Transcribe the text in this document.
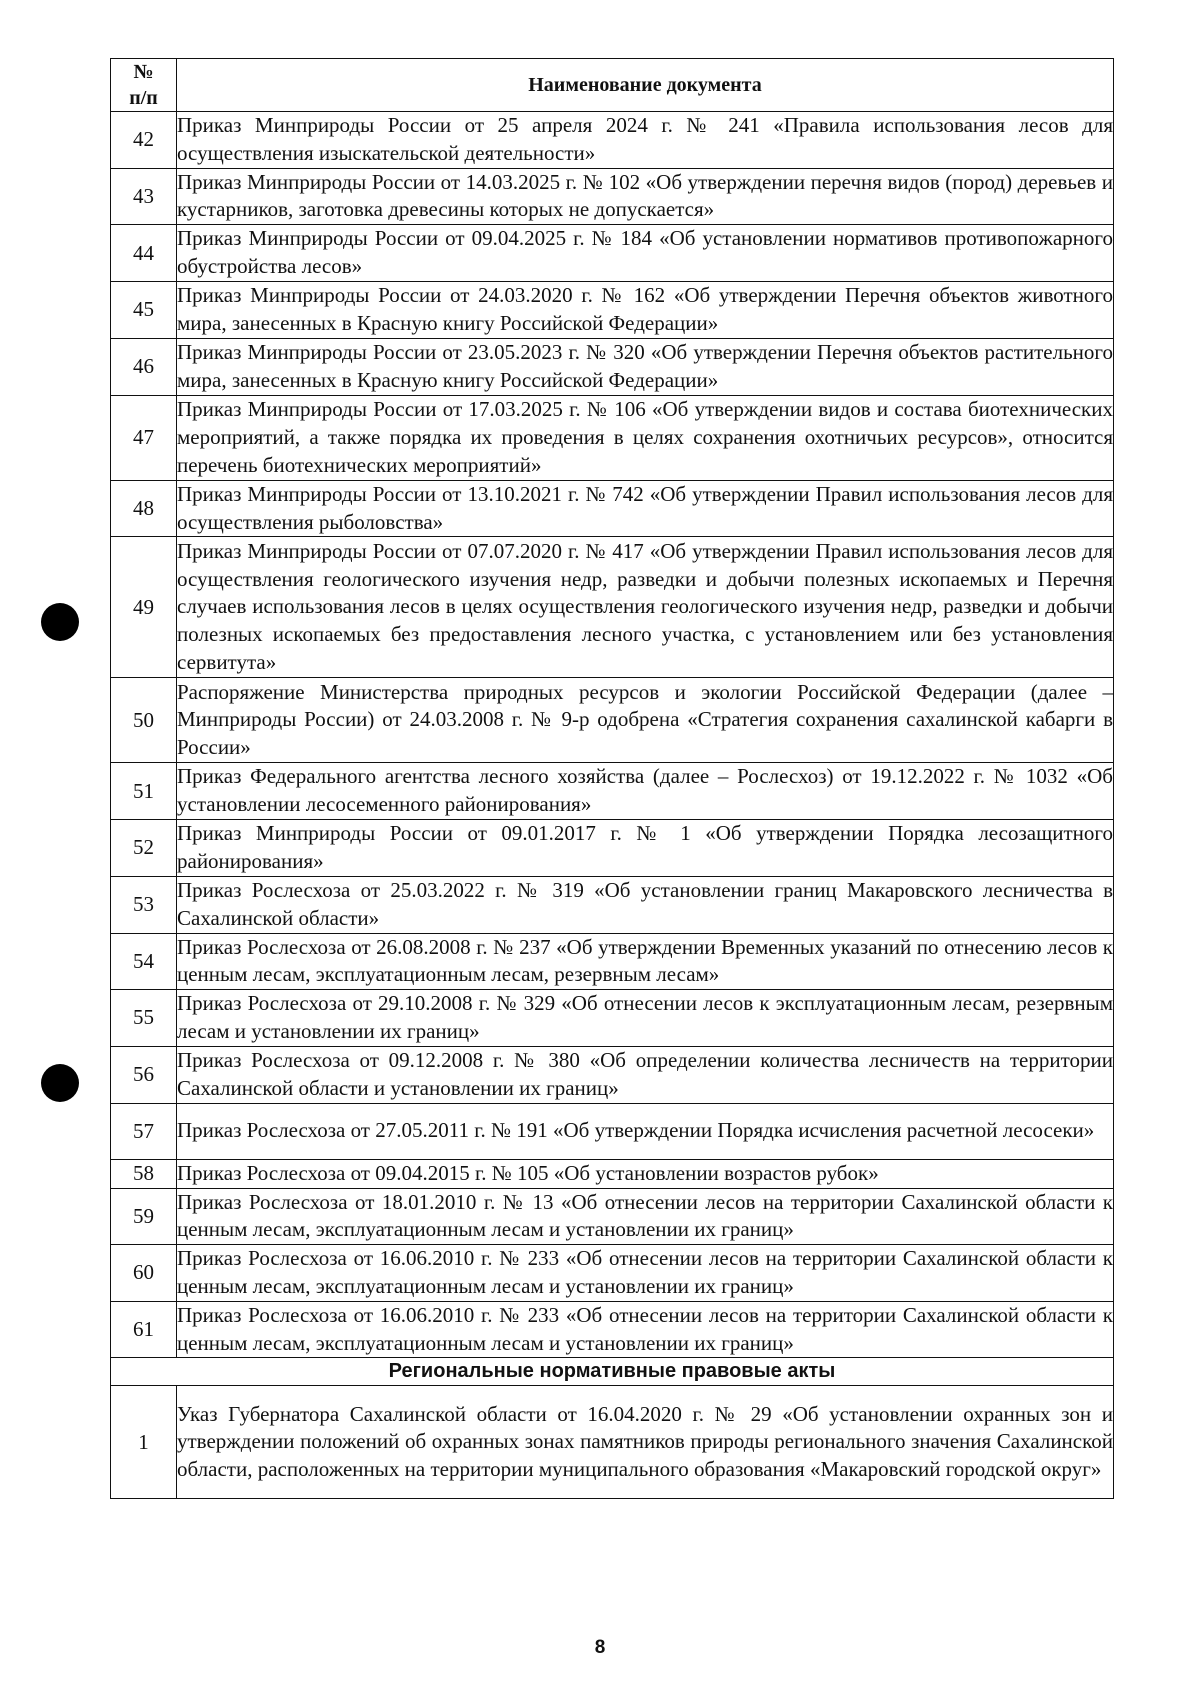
№
п/п	Наименование документа
42	Приказ Минприроды России от 25 апреля 2024 г. № 241 «Правила использования лесов для осуществления изыскательской деятельности»
43	Приказ Минприроды России от 14.03.2025 г. № 102 «Об утверждении перечня видов (пород) деревьев и кустарников, заготовка древесины которых не допускается»
44	Приказ Минприроды России от 09.04.2025 г. № 184 «Об установлении нормативов противопожарного обустройства лесов»
45	Приказ Минприроды России от 24.03.2020 г. № 162 «Об утверждении Перечня объектов животного мира, занесенных в Красную книгу Российской Федерации»
46	Приказ Минприроды России от 23.05.2023 г. № 320 «Об утверждении Перечня объектов растительного мира, занесенных в Красную книгу Российской Федерации»
47	Приказ Минприроды России от 17.03.2025 г. № 106 «Об утверждении видов и состава биотехнических мероприятий, а также порядка их проведения в целях сохранения охотничьих ресурсов», относится перечень биотехнических мероприятий»
48	Приказ Минприроды России от 13.10.2021 г. № 742 «Об утверждении Правил использования лесов для осуществления рыболовства»
49	Приказ Минприроды России от 07.07.2020 г. № 417 «Об утверждении Правил использования лесов для осуществления геологического изучения недр, разведки и добычи полезных ископаемых и Перечня случаев использования лесов в целях осуществления геологического изучения недр, разведки и добычи полезных ископаемых без предоставления лесного участка, с установлением или без установления сервитута»
50	Распоряжение Министерства природных ресурсов и экологии Российской Федерации (далее – Минприроды России) от 24.03.2008 г. № 9-р одобрена «Стратегия сохранения сахалинской кабарги в России»
51	Приказ Федерального агентства лесного хозяйства (далее – Рослесхоз) от 19.12.2022 г. № 1032 «Об установлении лесосеменного районирования»
52	Приказ Минприроды России от 09.01.2017 г. № 1 «Об утверждении Порядка лесозащитного районирования»
53	Приказ Рослесхоза от 25.03.2022 г. № 319 «Об установлении границ Макаровского лесничества в Сахалинской области»
54	Приказ Рослесхоза от 26.08.2008 г. № 237 «Об утверждении Временных указаний по отнесению лесов к ценным лесам, эксплуатационным лесам, резервным лесам»
55	Приказ Рослесхоза от 29.10.2008 г. № 329 «Об отнесении лесов к эксплуатационным лесам, резервным лесам и установлении их границ»
56	Приказ Рослесхоза от 09.12.2008 г. № 380 «Об определении количества лесничеств на территории Сахалинской области и установлении их границ»
57	Приказ Рослесхоза от 27.05.2011 г. № 191 «Об утверждении Порядка исчисления расчетной лесосеки»
58	Приказ Рослесхоза от 09.04.2015 г. № 105 «Об установлении возрастов рубок»
59	Приказ Рослесхоза от 18.01.2010 г. № 13 «Об отнесении лесов на территории Сахалинской области к ценным лесам, эксплуатационным лесам и установлении их границ»
60	Приказ Рослесхоза от 16.06.2010 г. № 233 «Об отнесении лесов на территории Сахалинской области к ценным лесам, эксплуатационным лесам и установлении их границ»
61	Приказ Рослесхоза от 16.06.2010 г. № 233 «Об отнесении лесов на территории Сахалинской области к ценным лесам, эксплуатационным лесам и установлении их границ»
Региональные нормативные правовые акты	
1	Указ Губернатора Сахалинской области от 16.04.2020 г. № 29 «Об установлении охранных зон и утверждении положений об охранных зонах памятников природы регионального значения Сахалинской области, расположенных на территории муниципального образования «Макаровский городской округ»
8
